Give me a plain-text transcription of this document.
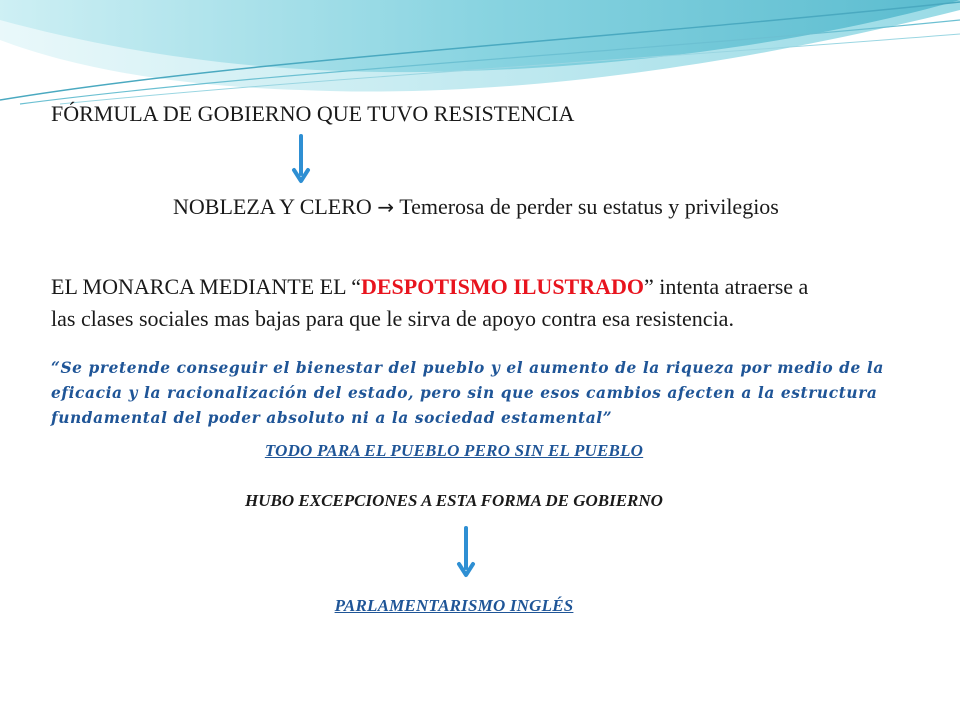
FÓRMULA DE GOBIERNO QUE TUVO RESISTENCIA
NOBLEZA Y CLERO → Temerosa de perder su estatus y privilegios
EL MONARCA MEDIANTE EL “DESPOTISMO ILUSTRADO” intenta atraerse a
las clases sociales mas bajas para que le sirva de apoyo contra esa resistencia.
“Se pretende conseguir el bienestar del pueblo y el aumento de la riqueza por medio de la eficacia y la racionalización del estado, pero sin que esos cambios afecten a la estructura fundamental del poder absoluto ni a la sociedad estamental”
TODO PARA EL PUEBLO PERO SIN EL PUEBLO
HUBO EXCEPCIONES A ESTA FORMA DE GOBIERNO
PARLAMENTARISMO INGLÉS
